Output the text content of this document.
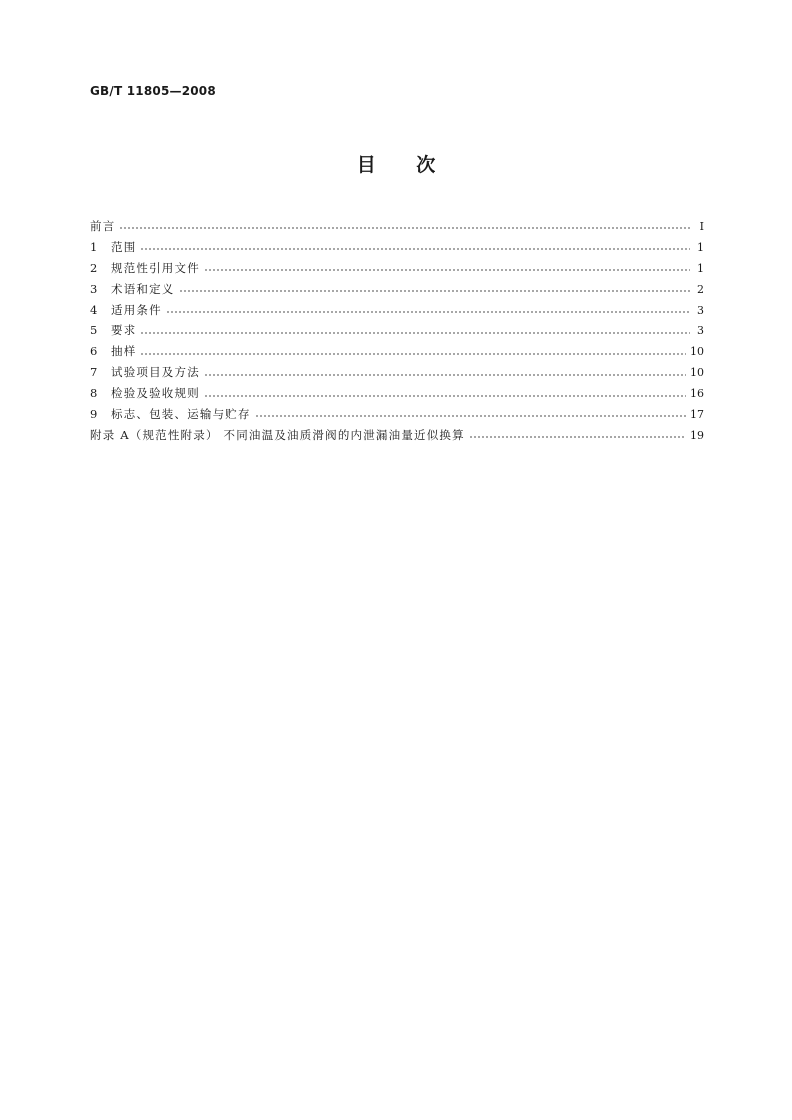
GB/T 11805—2008
目 次
前言	I
1	范围	1
2	规范性引用文件	1
3	术语和定义	2
4	适用条件	3
5	要求	3
6	抽样	10
7	试验项目及方法	10
8	检验及验收规则	16
9	标志、包装、运输与贮存	17
附录 A（规范性附录） 不同油温及油质滑阀的内泄漏油量近似换算	19
